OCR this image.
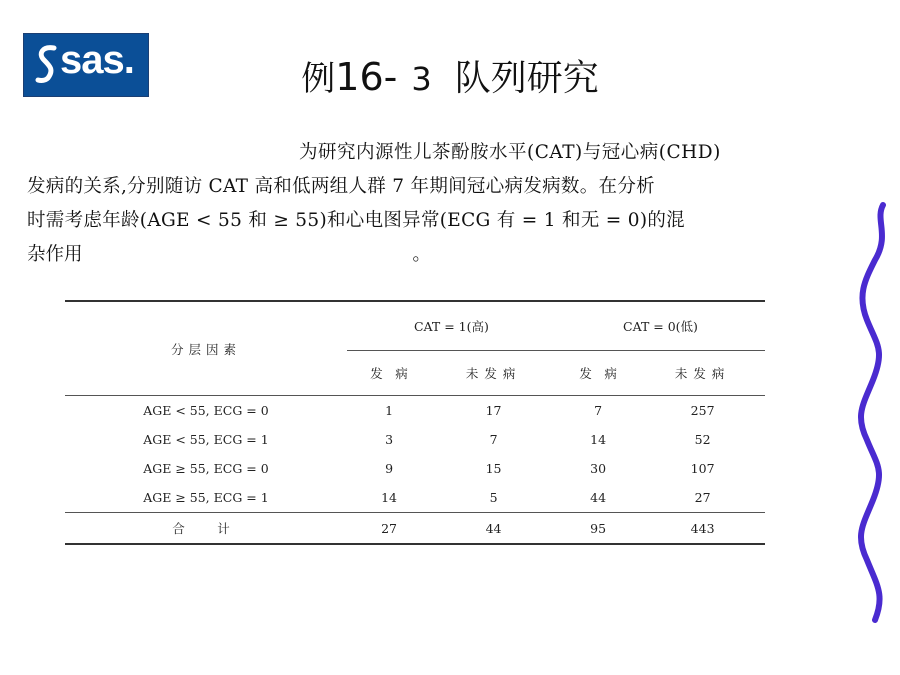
sas.	例16- 3 队列研究
为研究内源性儿茶酚胺水平(CAT)与冠心病(CHD)
发病的关系,分别随访 CAT 高和低两组人群 7 年期间冠心病发病数。在分析
时需考虑年龄(AGE < 55 和 ≥ 55)和心电图异常(ECG 有 = 1 和无 = 0)的混
杂作用	。
分层因素	CAT = 1(高)		CAT = 0(低)	
	发　病	未发病	发　病	未发病
AGE < 55, ECG = 0	1	17	7	257
AGE < 55, ECG = 1	3	7	14	52
AGE ≥ 55, ECG = 0	9	15	30	107
AGE ≥ 55, ECG = 1	14	5	44	27
合　计	27	44	95	443
